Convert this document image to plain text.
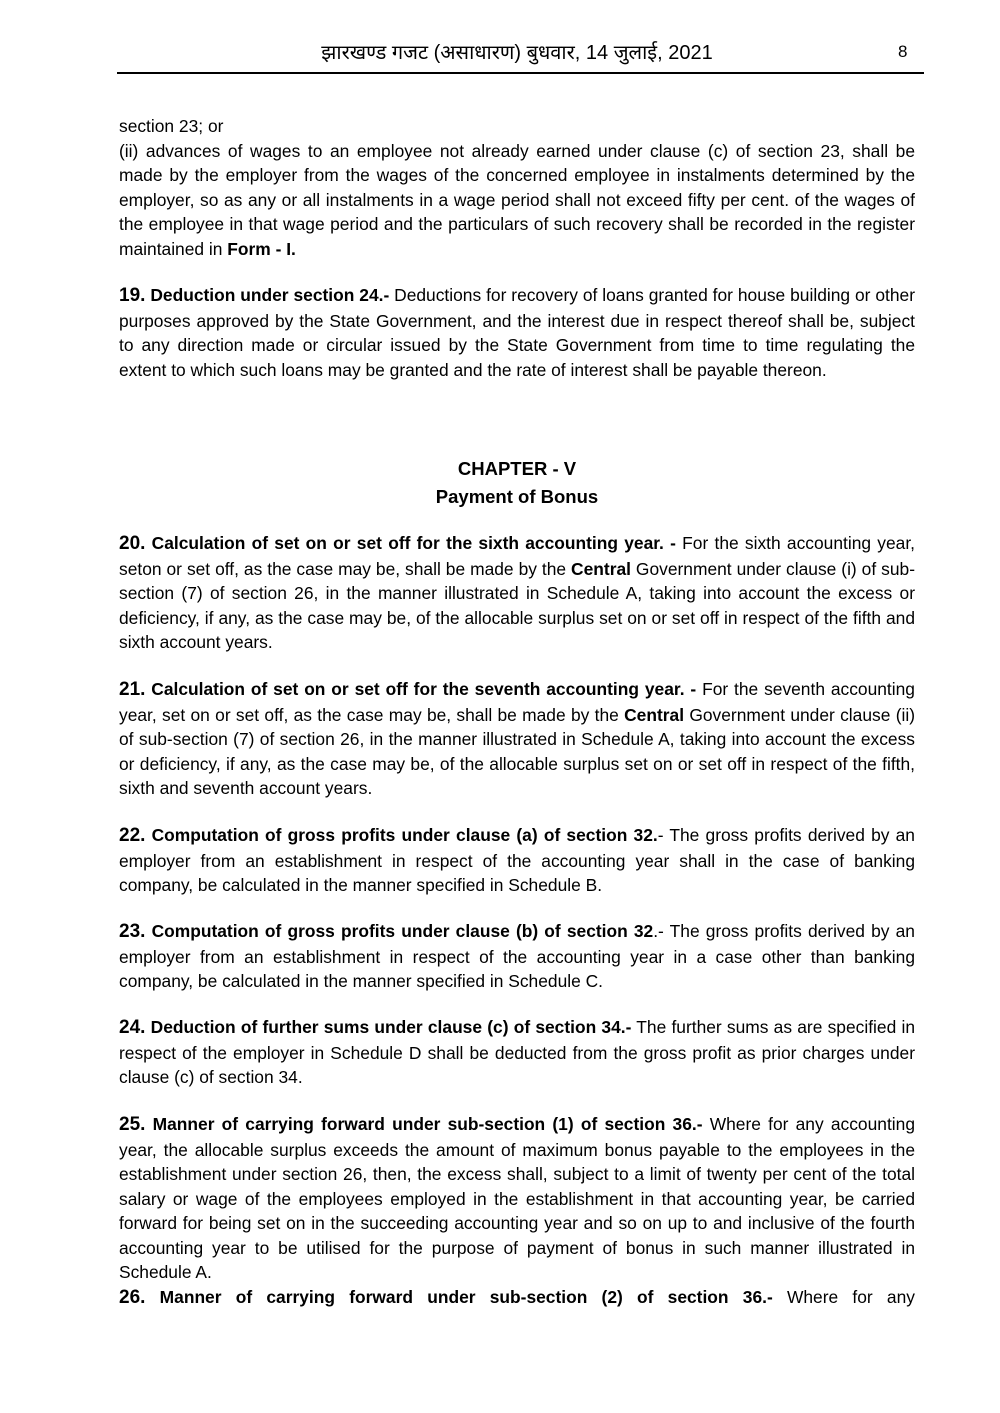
झारखण्ड गजट (असाधारण) बुधवार, 14 जुलाई, 2021	8
section 23; or
(ii) advances of wages to an employee not already earned under clause (c) of section 23, shall be made by the employer from the wages of the concerned employee in instalments determined by the employer, so as any or all instalments in a wage period shall not exceed fifty per cent. of the wages of the employee in that wage period and the particulars of such recovery shall be recorded in the register maintained in Form - I.
19. Deduction under section 24.- Deductions for recovery of loans granted for house building or other purposes approved by the State Government, and the interest due in respect thereof shall be, subject to any direction made or circular issued by the State Government from time to time regulating the extent to which such loans may be granted and the rate of interest shall be payable thereon.
CHAPTER - V
Payment of Bonus
20. Calculation of set on or set off for the sixth accounting year. - For the sixth accounting year, seton or set off, as the case may be, shall be made by the Central Government under clause (i) of sub- section (7) of section 26, in the manner illustrated in Schedule A, taking into account the excess or deficiency, if any, as the case may be, of the allocable surplus set on or set off in respect of the fifth and sixth account years.
21. Calculation of set on or set off for the seventh accounting year. - For the seventh accounting year, set on or set off, as the case may be, shall be made by the Central Government under clause (ii) of sub-section (7) of section 26, in the manner illustrated in Schedule A, taking into account the excess or deficiency, if any, as the case may be, of the allocable surplus set on or set off in respect of the fifth, sixth and seventh account years.
22. Computation of gross profits under clause (a) of section 32.- The gross profits derived by an employer from an establishment in respect of the accounting year shall in the case of banking company, be calculated in the manner specified in Schedule B.
23. Computation of gross profits under clause (b) of section 32.- The gross profits derived by an employer from an establishment in respect of the accounting year in a case other than banking company, be calculated in the manner specified in Schedule C.
24. Deduction of further sums under clause (c) of section 34.- The further sums as are specified in respect of the employer in Schedule D shall be deducted from the gross profit as prior charges under clause (c) of section 34.
25. Manner of carrying forward under sub-section (1) of section 36.- Where for any accounting year, the allocable surplus exceeds the amount of maximum bonus payable to the employees in the establishment under section 26, then, the excess shall, subject to a limit of twenty per cent of the total salary or wage of the employees employed in the establishment in that accounting year, be carried forward for being set on in the succeeding accounting year and so on up to and inclusive of the fourth accounting year to be utilised for the purpose of payment of bonus in such manner illustrated in Schedule A.
26. Manner of carrying forward under sub-section (2) of section 36.- Where for any
